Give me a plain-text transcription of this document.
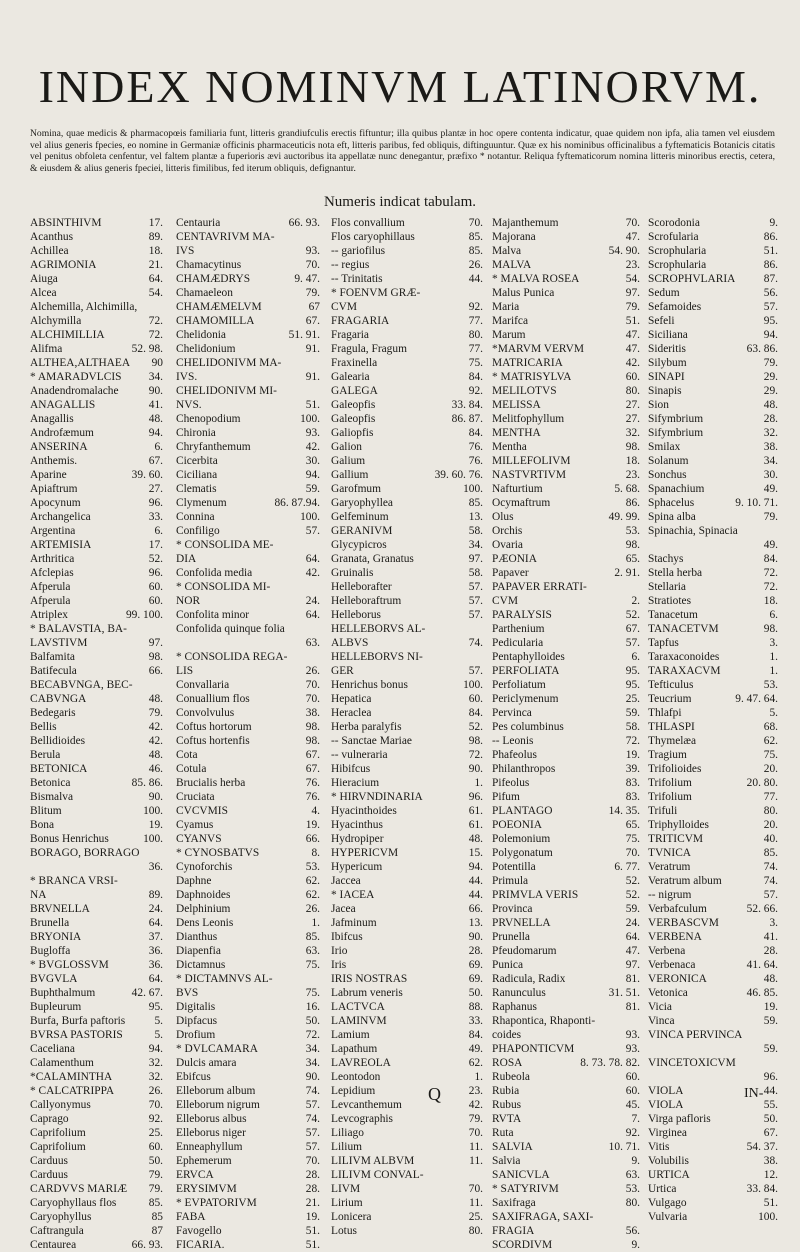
INDEX NOMINVM LATINORVM.
Nomina, quae medicis & pharmacopœis familiaria funt, litteris grandiufculis erectis fiftuntur; illa quibus plantæ in hoc opere contenta indicatur, quae quidem non ipfa, alia tamen vel eiusdem vel alius generis fpecies, eo nomine in Germaniæ officinis pharmaceuticis nota eft, litteris paribus, fed obliquis, diftinguuntur. Quæ ex his nominibus officinalibus a fyftematicis Botanicis citatis vel penitus obfoleta cenfentur, vel faltem plantæ a fuperioris ævi auctoribus ita appellatæ nunc denegantur, præfixo * notantur. Reliqua fyftematicorum nomina litteris minoribus erectis, cetera, & eiusdem & alius generis fpeciei, litteris fimilibus, fed iterum obliquis, defignantur.
Numeris indicat tabulam.
ABSINTHIVM	17.
Acanthus	89.
Achillea	18.
AGRIMONIA	21.
Aiuga	64.
Alcea	54.
Alchemilla, Alchimilla,
Alchymilla	72.
ALCHIMILLIA	72.
Alifma	52. 98.
ALTHEA,ALTHAEA 90
* AMARADVLCIS 34.
Anadendromalache	90.
ANAGALLIS	41.
Anagallis	48.
Androfæmum	94.
ANSERINA	6.
Anthemis.	67.
Aparine	39. 60.
Apiaftrum	27.
Apocynum	96.
Archangelica	33.
Argentina	6.
ARTEMISIA	17.
Arthritica	52.
Afclepias	96.
Afperula	60.
Afperula	60.
Atriplex	99. 100.
* BALAVSTIA, BA-
LAVSTIVM	97.
Balfamita	98.
Batifecula	66.
BECABVNGA, BEC-
CABVNGA	48.
Bedegaris	79.
Bellis	42.
Bellidioides	42.
Berula	48.
BETONICA	46.
Betonica	85. 86.
Bismalva	90.
Blitum	100.
Bona	19.
Bonus Henrichus	100.
BORAGO, BORRAGO
36.
* BRANCA VRSI-
NA	89.
BRVNELLA	24.
Brunella	64.
BRYONIA	37.
Bugloffa	36.
* BVGLOSSVM	36.
BVGVLA	64.
Buphthalmum	42. 67.
Bupleurum	95.
Burfa, Burfa paftoris	5.
BVRSA PASTORIS	5.
Caceliana	94.
Calamenthum	32.
*CALAMINTHA	32.
* CALCATRIPPA	26.
Callyonymus	70.
Caprago	92.
Caprifolium	25.
Caprifolium	60.
Carduus	50.
Carduus	79.
CARDVVS MARIÆ 79.
Caryophyllaus flos	85.
Caryophyllus	85
Caftrangula	87
Centaurea	66. 93.
Centauria	66. 93.
CENTAVRIVM MA-
IVS	93.
Chamacytinus	70.
CHAMÆDRYS	9. 47.
Chamaeleon	79.
CHAMÆMELVM	67
CHAMOMILLA	67.
Chelidonia	51. 91.
Chelidonium	91.
CHELIDONIVM MA-
IVS.	91.
CHELIDONIVM MI-
NVS.	51.
Chenopodium	100.
Chironia	93.
Chryfanthemum	42.
Cicerbita	30.
Ciciliana	94.
Clematis	59.
Clymenum	86. 87.94.
Connina	100.
Confiligo	57.
* CONSOLIDA ME-
DIA	64.
Confolida media	42.
* CONSOLIDA MI-
NOR	24.
Confolita minor	64.
Confolida quinque folia
63.
* CONSOLIDA REGA-
LIS	26.
Convallaria	70.
Conuallium flos	70.
Convolvulus	38.
Coftus hortorum	98.
Coftus hortenfis	98.
Cota	67.
Cotula	67.
Brucialis herba	76.
Cruciata	76.
CVCVMIS	4.
Cyamus	19.
CYANVS	66.
* CYNOSBATVS	8.
Cynoforchis	53.
Daphne	62.
Daphnoides	62.
Delphinium	26.
Dens Leonis	1.
Dianthus	85.
Diapenfia	63.
Dictamnus	75.
* DICTAMNVS AL-
BVS	75.
Digitalis	16.
Dipfacus	50.
Drofium	72.
* DVLCAMARA	34.
Dulcis amara	34.
Ebifcus	90.
Elleborum album	74.
Elleborum nigrum	57.
Elleborus albus	74.
Elleborus niger	57.
Enneaphyllum	57.
Ephemerum	70.
ERVCA	28.
ERYSIMVM	28.
* EVPATORIVM	21.
FABA	19.
Favogello	51.
FICARIA.	51.
Flos convallium	70.
Flos caryophillaus	85.
-- gariofilus	85.
-- regius	26.
-- Trinitatis	44.
* FOENVM GRÆ-
CVM	92.
FRAGARIA	77.
Fragaria	80.
Fragula, Fragum	77.
Fraxinella	75.
Galearia	84.
GALEGA	92.
Galeopfis	33. 84.
Galeopfis	86. 87.
Galiopfis	84.
Galion	76.
Galium	76.
Gallium	39. 60. 76.
Garofmum	100.
Garyophyllea	85.
Gelfeminum	13.
GERANIVM	58.
Glycypicros	34.
Granata, Granatus	97.
Gruinalis	58.
Helleborafter	57.
Helleboraftrum	57.
Helleborus	57.
HELLEBORVS AL-
ALBVS	74.
HELLEBORVS NI-
GER	57.
Henrichus bonus	100.
Hepatica	60.
Heraclea	84.
Herba paralyfis	52.
-- Sanctae Mariae	98.
-- vulneraria	72.
Hibifcus	90.
Hieracium	1.
* HIRVNDINARIA	96.
Hyacinthoides	61.
Hyacinthus	61.
Hydropiper	48.
HYPERICVM	15.
Hypericum	94.
Jaccea	44.
* IACEA	44.
Jacea	66.
Jafminum	13.
Ibifcus	90.
Irio	28.
Iris	69.
IRIS NOSTRAS	69.
Labrum veneris	50.
LACTVCA	88.
LAMINVM	33.
Lamium	84.
Lapathum	49.
LAVREOLA	62.
Leontodon	1.
Lepidium	23.
Levcanthemum	42.
Levcographis	79.
Liliago	70.
Lilium	11.
LILIVM ALBVM	11.
LILIVM CONVAL-
LIVM	70.
Lirium	11.
Lonicera	25.
Lotus	80.
Majanthemum	70.
Majorana	47.
Malva	54. 90.
MALVA	23.
* MALVA ROSEA	54.
Malus Punica	97.
Maria	79.
Marifca	51.
Marum	47.
*MARVM VERVM	47.
MATRICARIA	42.
* MATRISYLVA	60.
MELILOTVS	80.
MELISSA	27.
Melitfophyllum	27.
MENTHA	32.
Mentha	98.
MILLEFOLIVM	18.
NASTVRTIVM	23.
Nafturtium	5. 68.
Ocymaftrum	86.
Olus	49. 99.
Orchis	53.
Ovaria	98.
PÆONIA	65.
Papaver	2. 91.
PAPAVER ERRATI-
CVM	2.
PARALYSIS	52.
Parthenium	67.
Pedicularia	57.
Pentaphylloides	6.
PERFOLIATA	95.
Perfoliatum	95.
Periclymenum	25.
Pervinca	59.
Pes columbinus	58.
-- Leonis	72.
Phafeolus	19.
Philanthropos	39.
Pifeolus	83.
Pifum	83.
PLANTAGO	14. 35.
POEONIA	65.
Polemonium	75.
Polygonatum	70.
Potentilla	6. 77.
Primula	52.
PRIMVLA VERIS	52.
Provinca	59.
PRVNELLA	24.
Prunella	64.
Pfeudomarum	47.
Punica	97.
Radicula, Radix	81.
Ranunculus	31. 51.
Raphanus	81.
Rhapontica, Rhaponti-
coides	93.
PHAPONTICVM	93.
ROSA	8. 73. 78. 82.
Rubeola	60.
Rubia	60.
Rubus	45.
RVTA	7.
Ruta	92.
SALVIA	10. 71.
Salvia	9.
SANICVLA	63.
* SATYRIVM	53.
Saxifraga	80.
SAXIFRAGA, SAXI-
FRAGIA	56.
SCORDIVM	9.
Scorodonia	9.
Scrofularia	86.
Scrophularia	51.
Scrophularia	86.
SCROPHVLARIA 87.
Sedum	56.
Sefamoides	57.
Sefeli	95.
Siciliana	94.
Sideritis	63. 86.
Silybum	79.
SINAPI	29.
Sinapis	29.
Sion	48.
Sifymbrium	28.
Sifymbrium	32.
Smilax	38.
Solanum	34.
Sonchus	30.
Spanachium	49.
Sphacelus	9. 10. 71.
Spina alba	79.
Spinachia, Spinacia
49.
Stachys	84.
Stella herba	72.
Stellaria	72.
Stratiotes	18.
Tanacetum	6.
TANACETVM	98.
Tapfus	3.
Taraxaconoides	1.
TARAXACVM	1.
Tefticulus	53.
Teucrium	9. 47. 64.
Thlafpi	5.
THLASPI	68.
Thymelæa	62.
Tragium	75.
Trifolioides	20.
Trifolium	20. 80.
Trifolium	77.
Trifuli	80.
Triphylloides	20.
TRITICVM	40.
TVNICA	85.
Veratrum	74.
Veratrum album	74.
-- nigrum	57.
Verbafculum	52. 66.
VERBASCVM	3.
VERBENA	41.
Verbena	28.
Verbenaca	41. 64.
VERONICA	48.
Vetonica	46. 85.
Vicia	19.
Vinca	59.
VINCA PERVINCA
59.
VINCETOXICVM
96.
VIOLA	44.
VIOLA	55.
Virga pafloris	50.
Virginea	67.
Vitis	54. 37.
Volubilis	38.
URTICA	12.
Urtica	33. 84.
Vulgago	51.
Vulvaria	100.
Q	IN-
